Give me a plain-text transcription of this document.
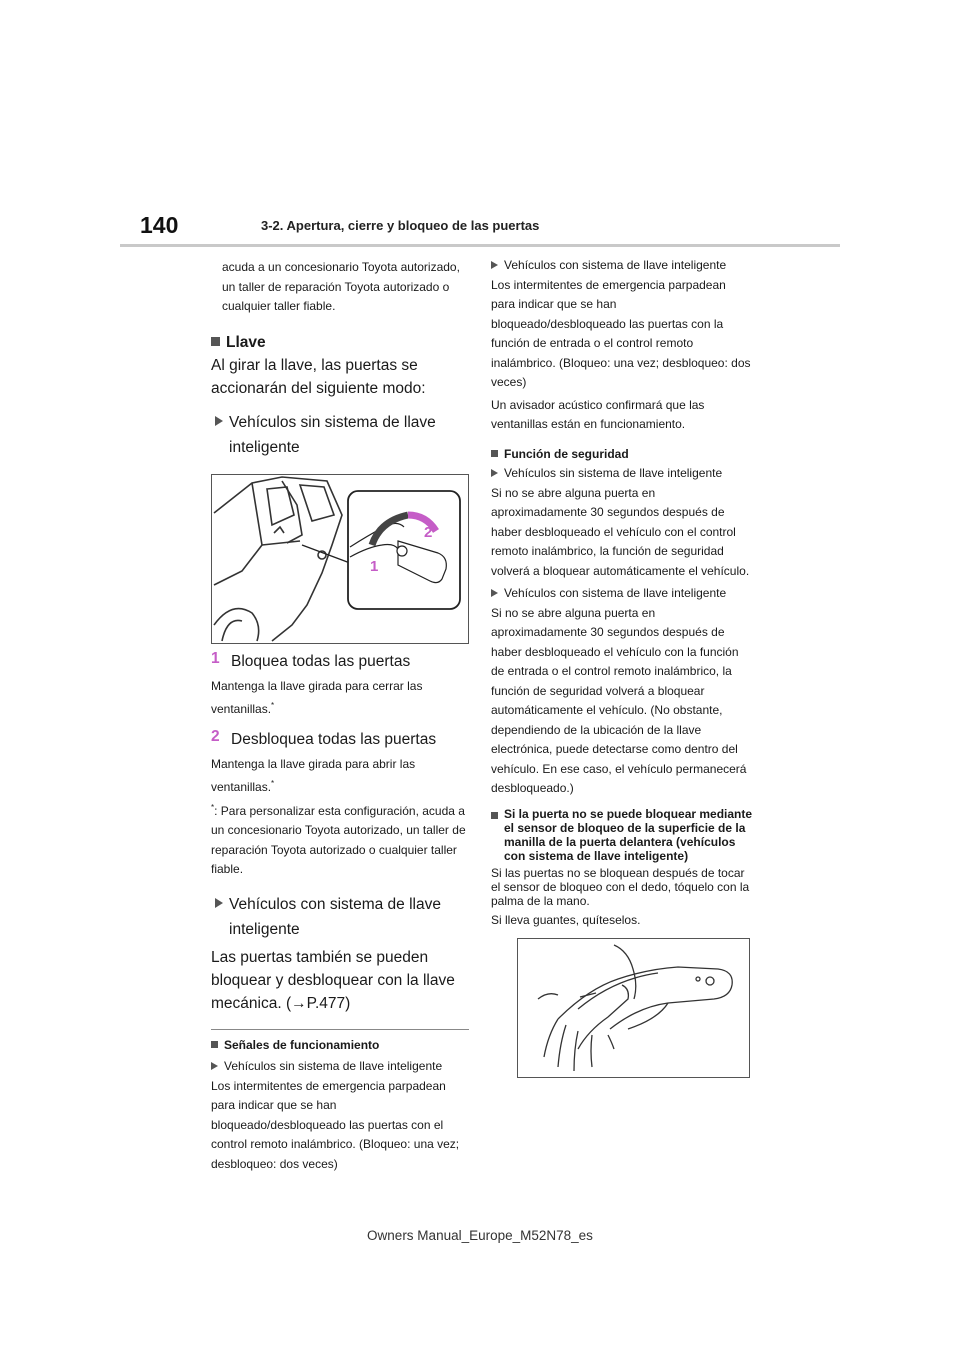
140	3-2. Apertura, cierre y bloqueo de las puertas

acuda a un concesionario Toyota autorizado, un taller de reparación Toyota autorizado o cualquier taller fiable.

Llave

Al girar la llave, las puertas se accionarán del siguiente modo:

Vehículos sin sistema de llave inteligente
1
2
1 Bloquea todas las puertas

Mantenga la llave girada para cerrar las ventanillas.*

2 Desbloquea todas las puertas

Mantenga la llave girada para abrir las ventanillas.*

*: Para personalizar esta configuración, acuda a un concesionario Toyota autorizado, un taller de reparación Toyota autorizado o cualquier taller fiable.

Vehículos con sistema de llave inteligente

Las puertas también se pueden bloquear y desbloquear con la llave mecánica. (→P.477)

Señales de funcionamiento
Vehículos sin sistema de llave inteligente

Los intermitentes de emergencia parpadean para indicar que se han bloqueado/desbloqueado las puertas con el control remoto inalámbrico. (Bloqueo: una vez; desbloqueo: dos veces)

Vehículos con sistema de llave inteligente

Los intermitentes de emergencia parpadean para indicar que se han bloqueado/desbloqueado las puertas con la función de entrada o el control remoto inalámbrico. (Bloqueo: una vez; desbloqueo: dos veces)

Un avisador acústico confirmará que las ventanillas están en funcionamiento.

Función de seguridad
Vehículos sin sistema de llave inteligente

Si no se abre alguna puerta en aproximadamente 30 segundos después de haber desbloqueado el vehículo con el control remoto inalámbrico, la función de seguridad volverá a bloquear automáticamente el vehículo.

Vehículos con sistema de llave inteligente

Si no se abre alguna puerta en aproximadamente 30 segundos después de haber desbloqueado el vehículo con la función de entrada o el control remoto inalámbrico, la función de seguridad volverá a bloquear automáticamente el vehículo. (No obstante, dependiendo de la ubicación de la llave electrónica, puede detectarse como dentro del vehículo. En ese caso, el vehículo permanecerá desbloqueado.)

Si la puerta no se puede bloquear mediante el sensor de bloqueo de la superficie de la manilla de la puerta delantera (vehículos con sistema de llave inteligente)

Si las puertas no se bloquean después de tocar el sensor de bloqueo con el dedo, tóquelo con la palma de la mano.

Si lleva guantes, quíteselos.

Owners Manual_Europe_M52N78_es
